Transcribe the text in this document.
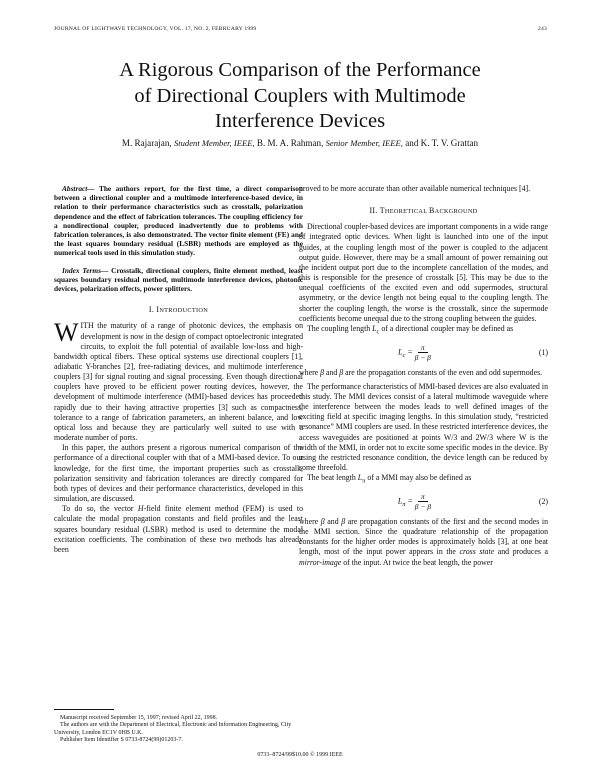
JOURNAL OF LIGHTWAVE TECHNOLOGY, VOL. 17, NO. 2, FEBRUARY 1999	243
A Rigorous Comparison of the Performance
of Directional Couplers with Multimode
Interference Devices
M. Rajarajan, Student Member, IEEE, B. M. A. Rahman, Senior Member, IEEE, and K. T. V. Grattan

Abstract— The authors report, for the first time, a direct comparison between a directional coupler and a multimode interference-based device, in relation to their performance characteristics such as crosstalk, polarization dependence and the effect of fabrication tolerances. The coupling efficiency for a nondirectional coupler, produced inadvertently due to problems with fabrication tolerances, is also demonstrated. The vector finite element (FE) and the least squares boundary residual (LSBR) methods are employed as the numerical tools used in this simulation study.

Index Terms— Crosstalk, directional couplers, finite element method, least squares boundary residual method, multimode interference devices, photonic devices, polarization effects, power splitters.

I. INTRODUCTION

WITH the maturity of a range of photonic devices, the emphasis on development is now in the design of compact optoelectronic integrated circuits, to exploit the full potential of available low-loss and high-bandwidth optical fibers. These optical systems use directional couplers [1], adiabatic Y-branches [2], free-radiating devices, and multimode interference couplers [3] for signal routing and signal processing. Even though directional couplers have proved to be efficient power routing devices, however, the development of multimode interference (MMI)-based devices has proceeded rapidly due to their having attractive properties [3] such as compactness, tolerance to a range of fabrication parameters, an inherent balance, and low optical loss and because they are particularly well suited to use with a moderate number of ports.

In this paper, the authors present a rigorous numerical comparison of the performance of a directional coupler with that of a MMI-based device. To our knowledge, for the first time, the important properties such as crosstalk, polarization sensitivity and fabrication tolerances are directly compared for both types of devices and their performance characteristics, developed in this simulation, are discussed.

To do so, the vector H-field finite element method (FEM) is used to calculate the modal propagation constants and field profiles and the least squares boundary residual (LSBR) method is used to determine the modal excitation coefficients. The combination of these two methods has already been

Manuscript received September 15, 1997; revised April 22, 1998.

The authors are with the Department of Electrical, Electronic and Information Engineering, City University, London EC1V 0HB U.K.

Publisher Item Identifier S 0733-8724(99)01203-7.

proved to be more accurate than other available numerical techniques [4].

II. THEORETICAL BACKGROUND

Directional coupler-based devices are important components in a wide range of integrated optic devices. When light is launched into one of the input guides, at the coupling length most of the power is coupled to the adjacent output guide. However, there may be a small amount of power remaining out the incident output port due to the incomplete cancellation of the modes, and this is responsible for the presence of crosstalk [5]. This may be due to the unequal coefficients of the excited even and odd supermodes, structural asymmetry, or the device length not being equal to the coupling length. The shorter the coupling length, the worse is the crosstalk, since the supermode coefficients become unequal due to the strong coupling between the guides.

The coupling length $L_c$ of a directional coupler may be defined as

$L_c = \frac{\pi}{\beta - \beta}$	(1)

where β and β are the propagation constants of the even and odd supermodes.

The performance characteristics of MMI-based devices are also evaluated in this study. The MMI devices consist of a lateral multimode waveguide where the interference between the modes leads to well defined images of the exciting field at specific imaging lengths. In this simulation study, “restricted resonance” MMI couplers are used. In these restricted interference devices, the access waveguides are positioned at points W/3 and 2W/3 where W is the width of the MMI, in order not to excite some specific modes in the device. By using the restricted resonance condition, the device length can be reduced by some threefold.

The beat length $L_\pi$ of a MMI may also be defined as

$L_\pi = \frac{\pi}{\beta - \beta}$	(2)

where β and β are propagation constants of the first and the second modes in the MMI section. Since the quadrature relationship of the propagation constants for the higher order modes is approximately holds [3], at one beat length, most of the input power appears in the cross state and produces a mirror-image of the input. At twice the beat length, the power

0733–8724/99$10.00 © 1999 IEEE
